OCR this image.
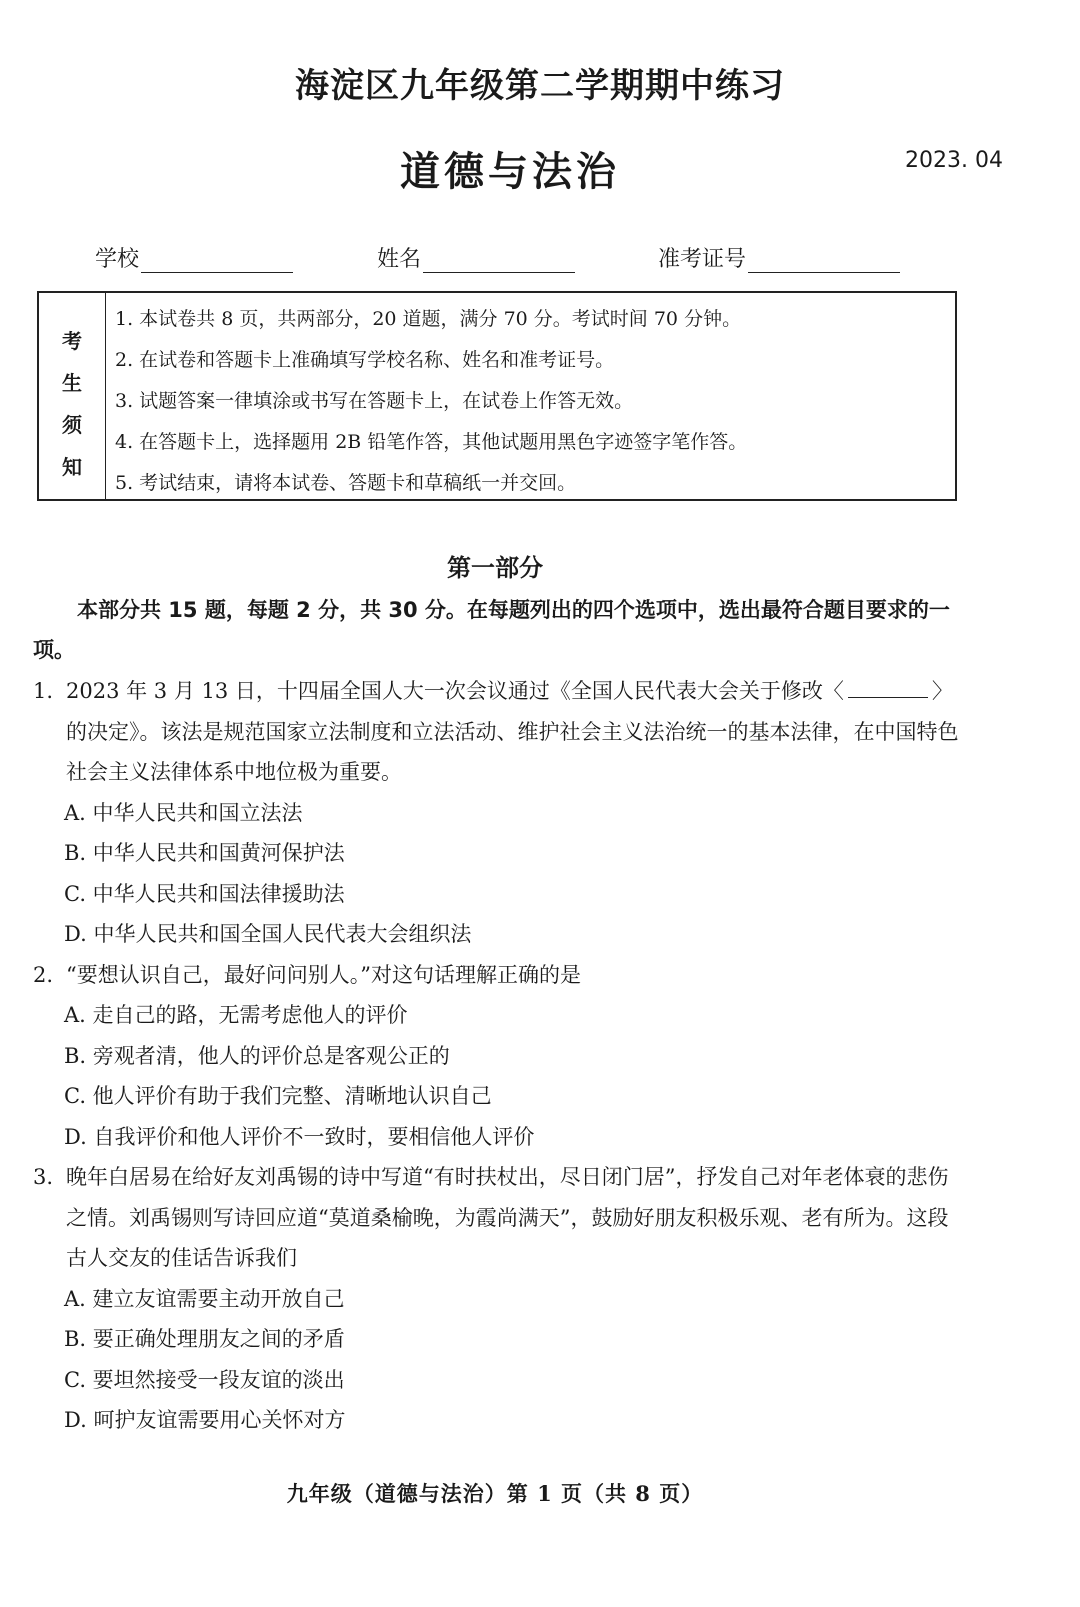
海淀区九年级第二学期期中练习
道德与法治	2023. 04
学校	姓名	准考证号
考
生
须
知
1. 本试卷共 8 页，共两部分，20 道题，满分 70 分。考试时间 70 分钟。
2. 在试卷和答题卡上准确填写学校名称、姓名和准考证号。
3. 试题答案一律填涂或书写在答题卡上，在试卷上作答无效。
4. 在答题卡上，选择题用 2B 铅笔作答，其他试题用黑色字迹签字笔作答。
5. 考试结束，请将本试卷、答题卡和草稿纸一并交回。
第一部分
本部分共 15 题，每题 2 分，共 30 分。在每题列出的四个选项中，选出最符合题目要求的一项。
1. 2023 年 3 月 13 日，十四届全国人大一次会议通过《全国人民代表大会关于修改〈	〉的决定》。该法是规范国家立法制度和立法活动、维护社会主义法治统一的基本法律，在中国特色社会主义法律体系中地位极为重要。
A. 中华人民共和国立法法
B. 中华人民共和国黄河保护法
C. 中华人民共和国法律援助法
D. 中华人民共和国全国人民代表大会组织法
2. “要想认识自己，最好问问别人。”对这句话理解正确的是
A. 走自己的路，无需考虑他人的评价
B. 旁观者清，他人的评价总是客观公正的
C. 他人评价有助于我们完整、清晰地认识自己
D. 自我评价和他人评价不一致时，要相信他人评价
3. 晚年白居易在给好友刘禹锡的诗中写道“有时扶杖出，尽日闭门居”，抒发自己对年老体衰的悲伤之情。刘禹锡则写诗回应道“莫道桑榆晚，为霞尚满天”，鼓励好朋友积极乐观、老有所为。这段古人交友的佳话告诉我们
A. 建立友谊需要主动开放自己
B. 要正确处理朋友之间的矛盾
C. 要坦然接受一段友谊的淡出
D. 呵护友谊需要用心关怀对方
九年级（道德与法治）第 1 页（共 8 页）
